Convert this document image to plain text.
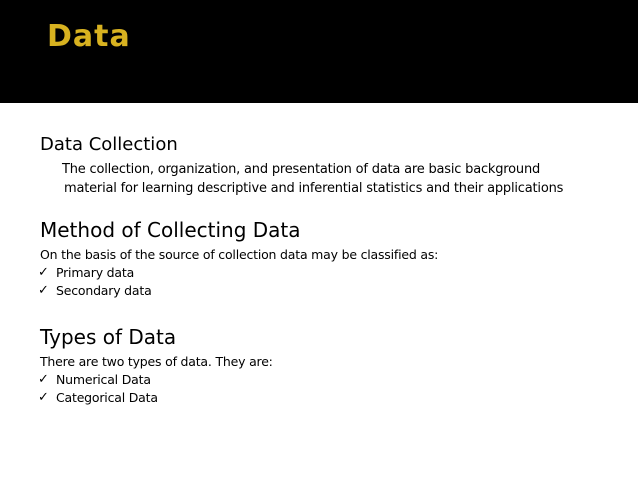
Data
Data Collection

The collection, organization, and presentation of data are basic background material for learning descriptive and inferential statistics and their applications

Method of Collecting Data

On the basis of the source of collection data may be classified as:

✓ Primary data
✓ Secondary data
Types of Data

There are two types of data. They are:

✓ Numerical Data
✓ Categorical Data
